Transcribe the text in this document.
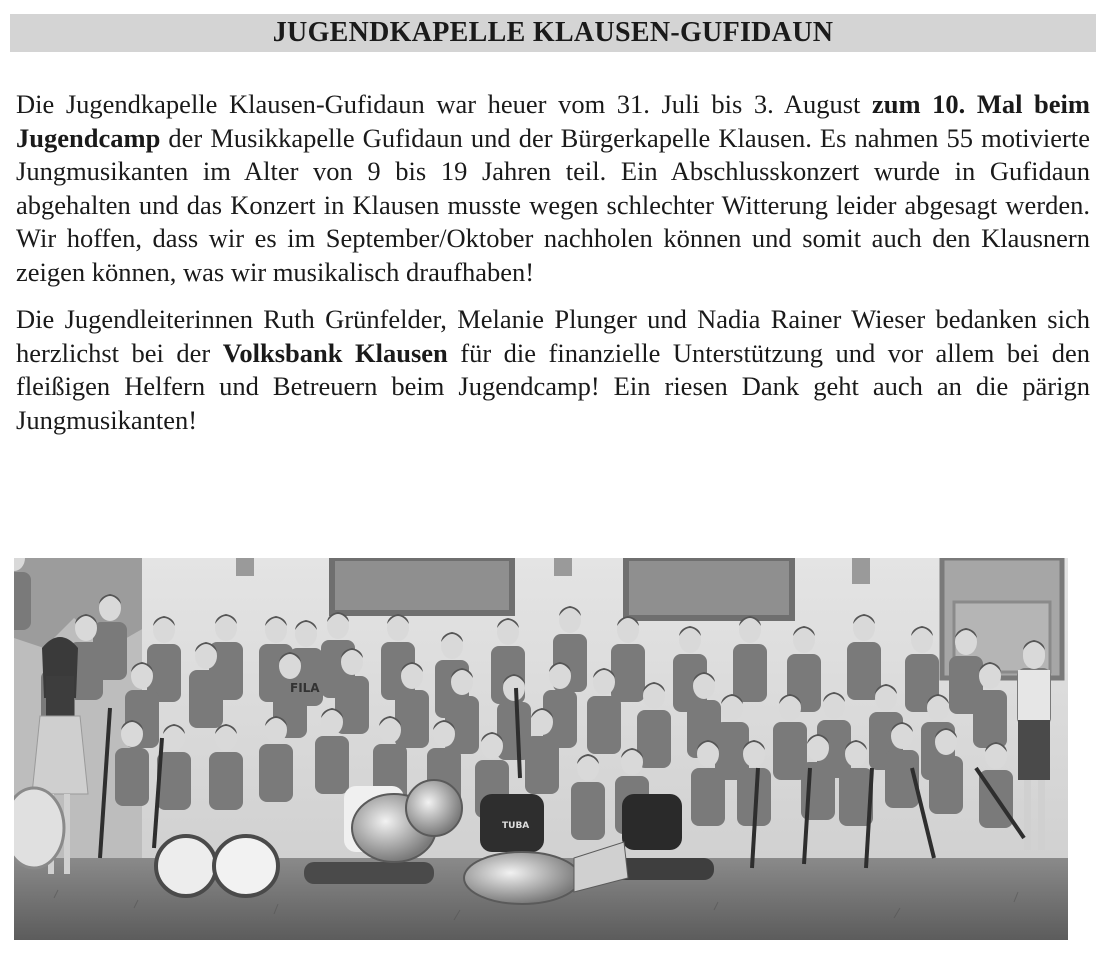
JUGENDKAPELLE KLAUSEN-GUFIDAUN

Die Jugendkapelle Klausen-Gufidaun war heuer vom 31. Juli bis 3. August zum 10. Mal beim Jugendcamp der Musikkapelle Gufidaun und der Bürgerkapelle Klausen. Es nahmen 55 motivierte Jungmusikanten im Alter von 9 bis 19 Jahren teil. Ein Abschlusskonzert wurde in Gufidaun abgehalten und das Konzert in Klausen musste wegen schlechter Witterung leider abgesagt werden. Wir hoffen, dass wir es im September/Oktober nachholen können und somit auch den Klausnern zeigen können, was wir musikalisch draufhaben!

Die Jugendleiterinnen Ruth Grünfelder, Melanie Plunger und Nadia Rainer Wieser bedanken sich herzlichst bei der Volksbank Klausen für die finanzielle Unterstützung und vor allem bei den fleißigen Helfern und Betreuern beim Jugendcamp! Ein riesen Dank geht auch an die pärign Jungmusikanten!

FILA
TUBA
